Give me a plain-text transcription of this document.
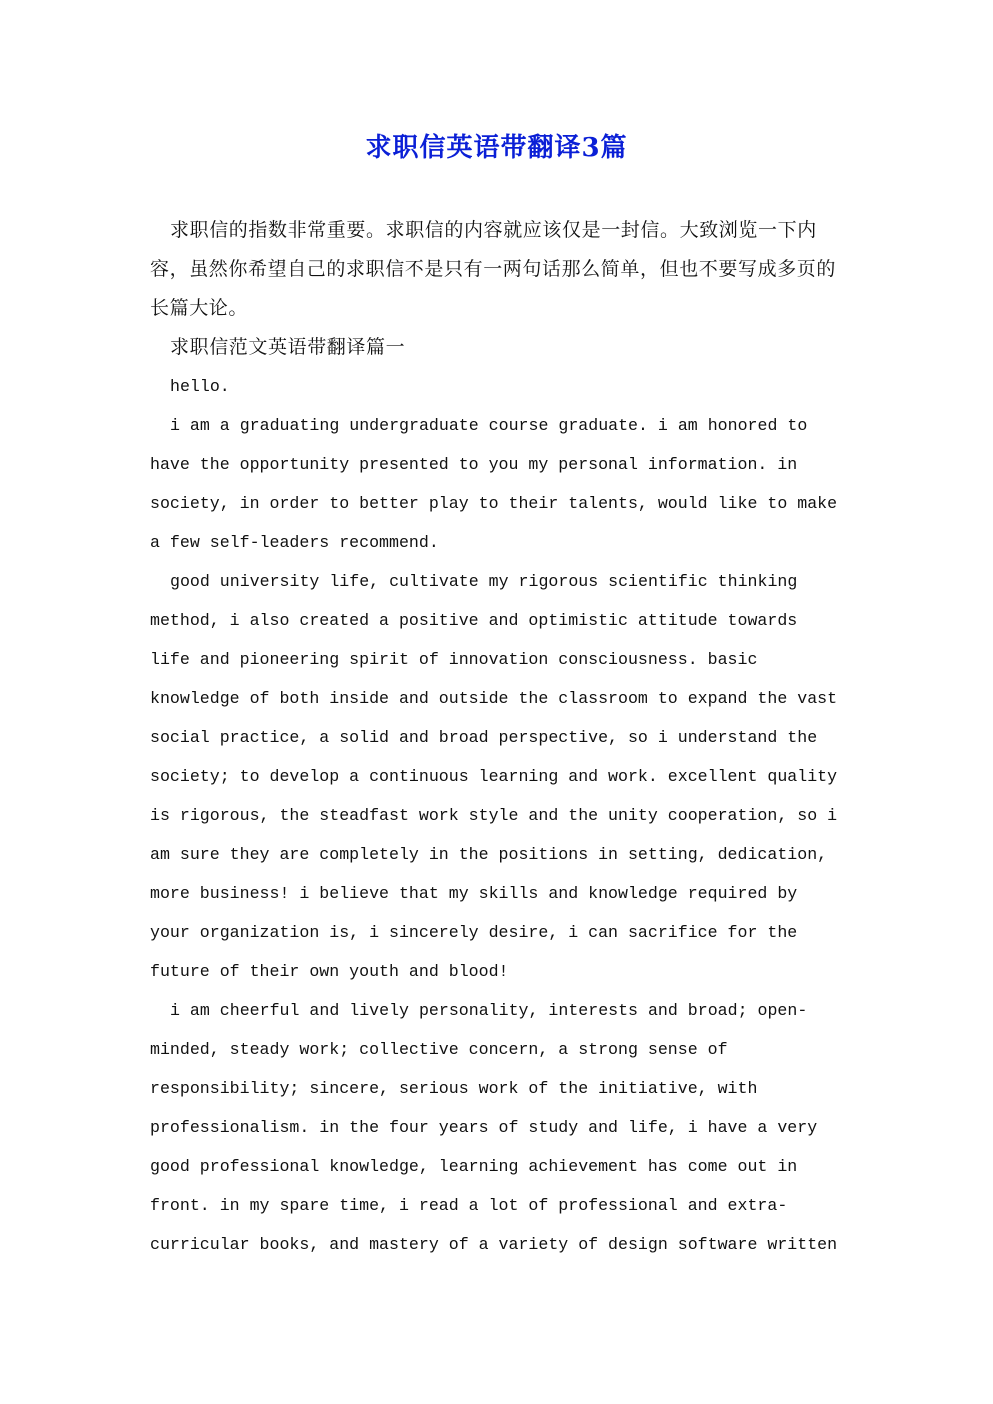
求职信英语带翻译3篇

求职信的指数非常重要。求职信的内容就应该仅是一封信。大致浏览一下内容，虽然你希望自己的求职信不是只有一两句话那么简单，但也不要写成多页的长篇大论。

求职信范文英语带翻译篇一

hello.

i am a graduating undergraduate course graduate. i am honored to
have the opportunity presented to you my personal information. in
society, in order to better play to their talents, would like to make
a few self-leaders recommend.

good university life, cultivate my rigorous scientific thinking
method, i also created a positive and optimistic attitude towards
life and pioneering spirit of innovation consciousness. basic
knowledge of both inside and outside the classroom to expand the vast
social practice, a solid and broad perspective, so i understand the
society; to develop a continuous learning and work. excellent quality
is rigorous, the steadfast work style and the unity cooperation, so i
am sure they are completely in the positions in setting, dedication,
more business! i believe that my skills and knowledge required by
your organization is, i sincerely desire, i can sacrifice for the
future of their own youth and blood!

i am cheerful and lively personality, interests and broad; open-
minded, steady work; collective concern, a strong sense of
responsibility; sincere, serious work of the initiative, with
professionalism. in the four years of study and life, i have a very
good professional knowledge, learning achievement has come out in
front. in my spare time, i read a lot of professional and extra-
curricular books, and mastery of a variety of design software written
